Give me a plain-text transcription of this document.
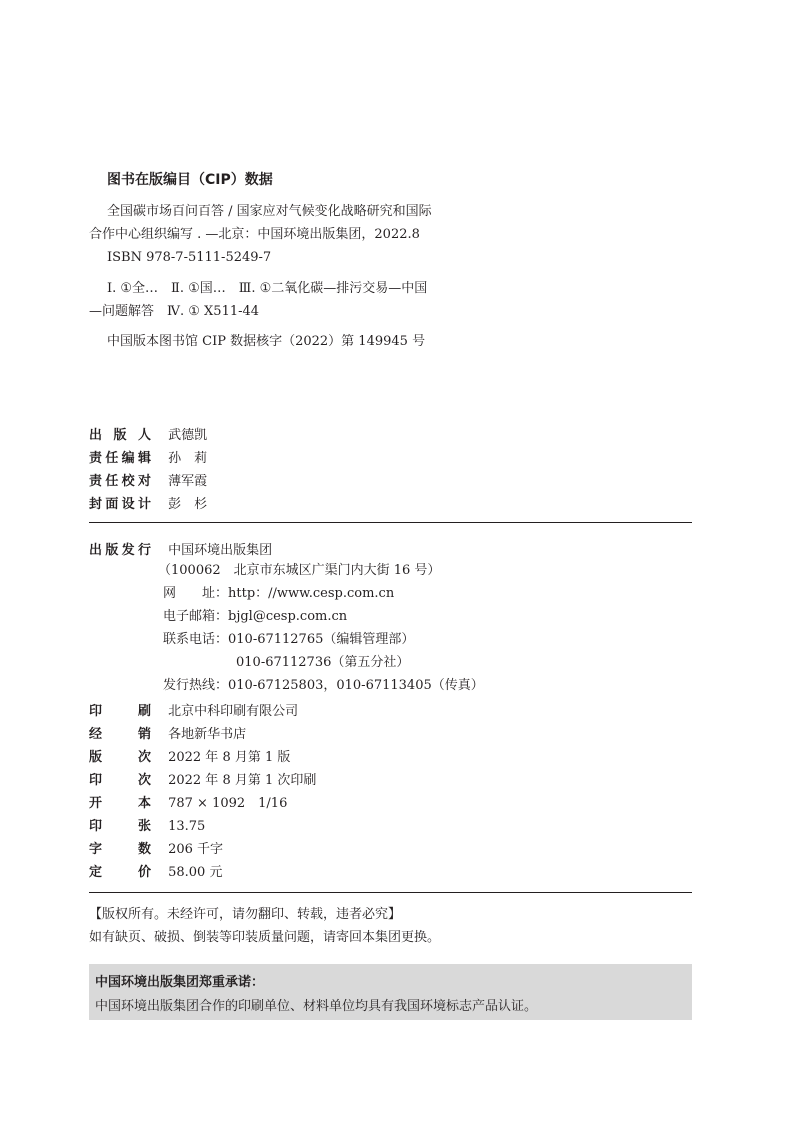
图书在版编目（CIP）数据
全国碳市场百问百答 / 国家应对气候变化战略研究和国际
合作中心组织编写 . —北京：中国环境出版集团，2022.8
ISBN 978-7-5111-5249-7
Ⅰ. ①全…　Ⅱ. ①国…　Ⅲ. ①二氧化碳—排污交易—中国
—问题解答　Ⅳ. ① X511-44
中国版本图书馆 CIP 数据核字（2022）第 149945 号
出版人 武德凯
责任编辑 孙　莉
责任校对 薄军霞
封面设计 彭　杉
出版发行 中国环境出版集团
（100062　北京市东城区广渠门内大街 16 号）
网　　址：http：//www.cesp.com.cn
电子邮箱：bjgl@cesp.com.cn
联系电话：010-67112765（编辑管理部）
010-67112736（第五分社）
发行热线：010-67125803，010-67113405（传真）
印刷 北京中科印刷有限公司
经销 各地新华书店
版次 2022 年 8 月第 1 版
印次 2022 年 8 月第 1 次印刷
开本 787 × 1092　1/16
印张 13.75
字数 206 千字
定价 58.00 元
【版权所有。未经许可，请勿翻印、转载，违者必究】
如有缺页、破损、倒装等印装质量问题，请寄回本集团更换。
中国环境出版集团郑重承诺：
中国环境出版集团合作的印刷单位、材料单位均具有我国环境标志产品认证。
